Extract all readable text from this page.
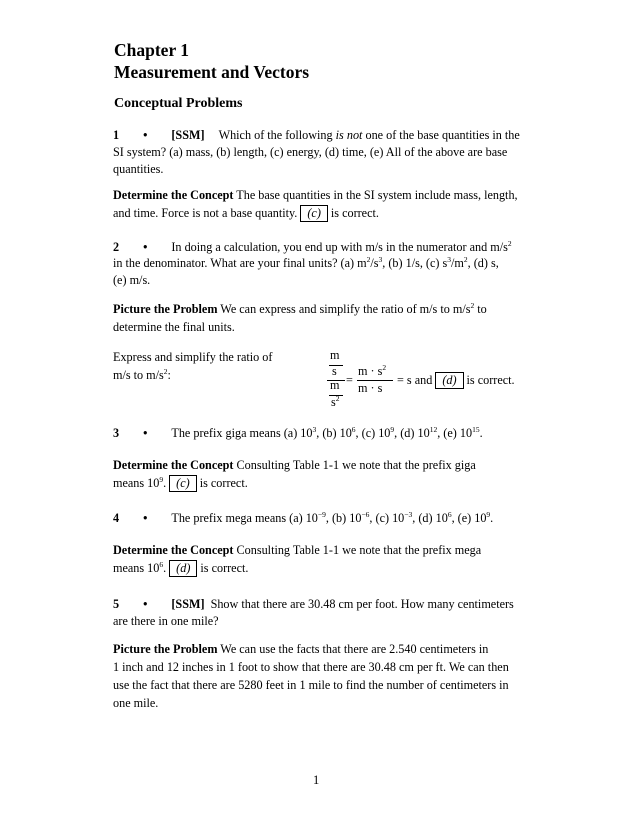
Chapter 1
Measurement and Vectors
Conceptual Problems
1 • [SSM] Which of the following is not one of the base quantities in the
SI system? (a) mass, (b) length, (c) energy, (d) time, (e) All of the above are base
quantities.
Determine the Concept The base quantities in the SI system include mass, length,
and time. Force is not a base quantity. (c) is correct.
2 • In doing a calculation, you end up with m/s in the numerator and $m/s^2$
in the denominator. What are your final units? (a) $m^2/s^3$, (b) 1/s, (c) $s^3/m^2$, (d) s,
(e) m/s.
Picture the Problem We can express and simplify the ratio of m/s to $m/s^2$ to
determine the final units.
Express and simplify the ratio of
m/s to $m/s^2$:
m
s
m
$s^2$
=
$m \cdot s^2$
m · s
= s and (d) is correct.
3 • The prefix giga means (a) $10^3$, (b) $10^6$, (c) $10^9$, (d) $10^{12}$, (e) $10^{15}$.
Determine the Concept Consulting Table 1-1 we note that the prefix giga
means $10^9$. (c) is correct.
4 • The prefix mega means (a) $10^{-9}$, (b) $10^{-6}$, (c) $10^{-3}$, (d) $10^6$, (e) $10^9$.
Determine the Concept Consulting Table 1-1 we note that the prefix mega
means $10^6$. (d) is correct.
5 • [SSM] Show that there are 30.48 cm per foot. How many centimeters
are there in one mile?
Picture the Problem We can use the facts that there are 2.540 centimeters in
1 inch and 12 inches in 1 foot to show that there are 30.48 cm per ft. We can then
use the fact that there are 5280 feet in 1 mile to find the number of centimeters in
one mile.
1
